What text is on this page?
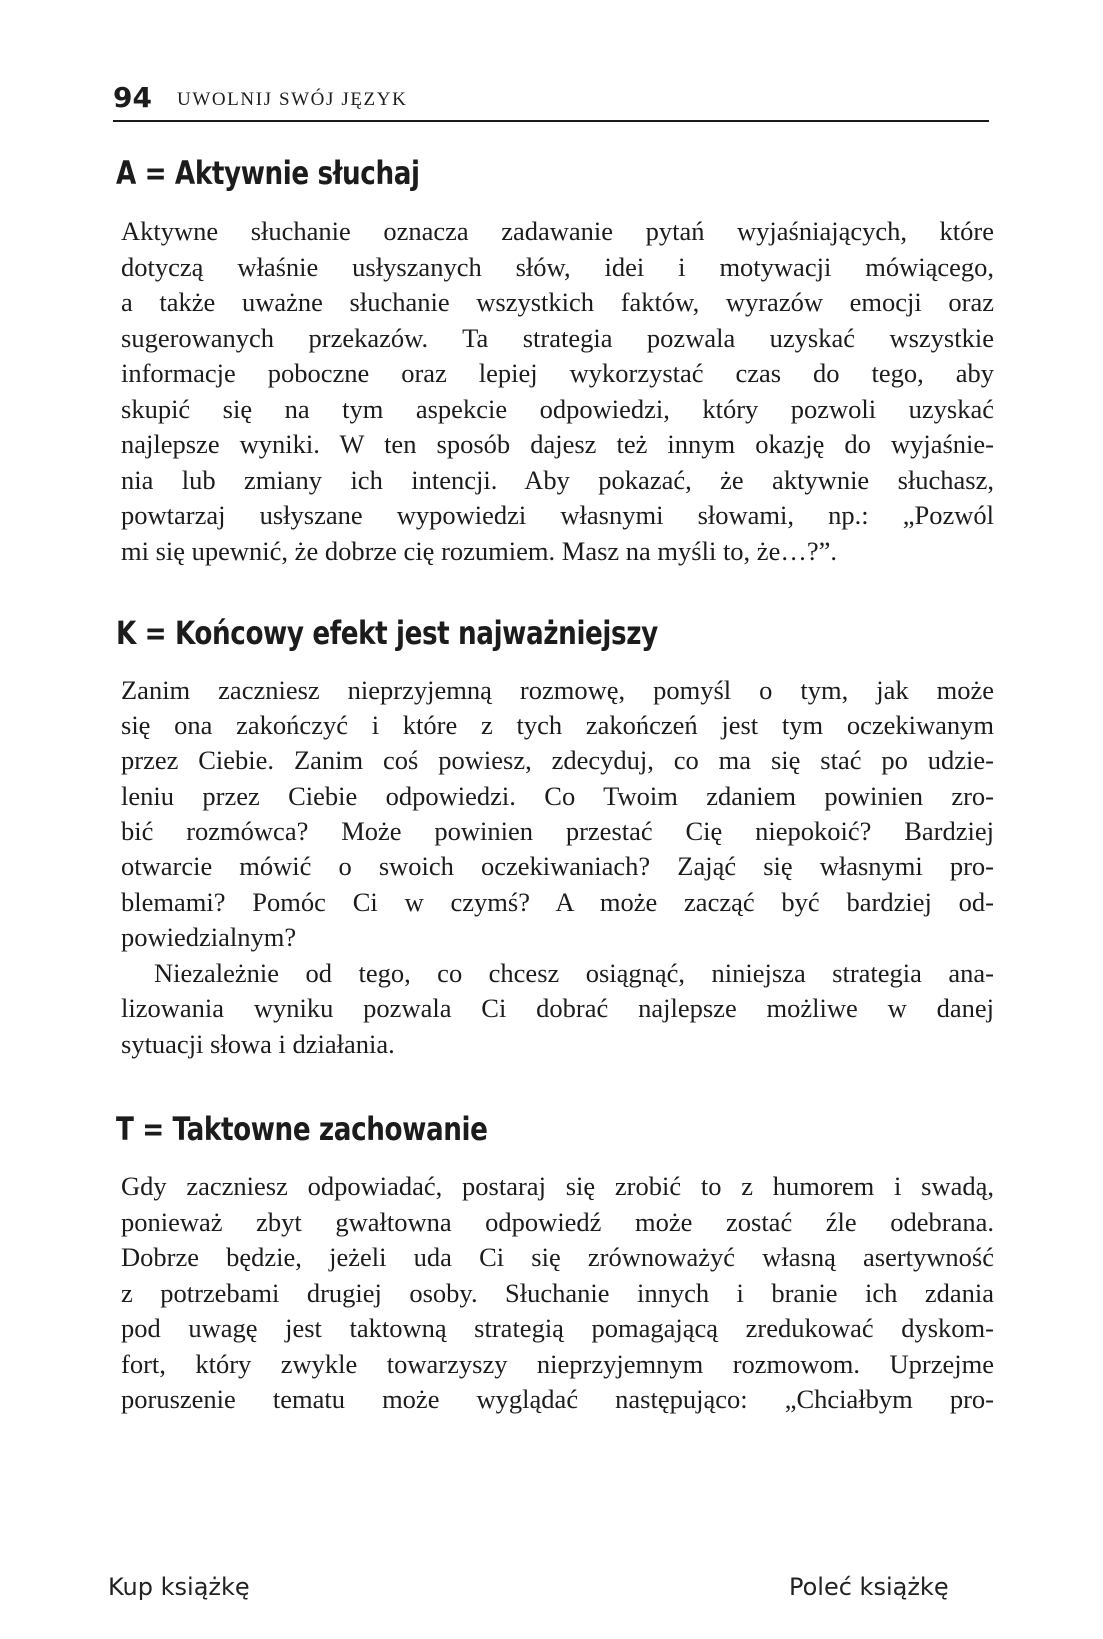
94 UWOLNIJ SWÓJ JĘZYK
A = Aktywnie słuchaj
Aktywne słuchanie oznacza zadawanie pytań wyjaśniających, które
dotyczą właśnie usłyszanych słów, idei i motywacji mówiącego,
a także uważne słuchanie wszystkich faktów, wyrazów emocji oraz
sugerowanych przekazów. Ta strategia pozwala uzyskać wszystkie
informacje poboczne oraz lepiej wykorzystać czas do tego, aby
skupić się na tym aspekcie odpowiedzi, który pozwoli uzyskać
najlepsze wyniki. W ten sposób dajesz też innym okazję do wyjaśnie-
nia lub zmiany ich intencji. Aby pokazać, że aktywnie słuchasz,
powtarzaj usłyszane wypowiedzi własnymi słowami, np.: „Pozwól
mi się upewnić, że dobrze cię rozumiem. Masz na myśli to, że…?”.
K = Końcowy efekt jest najważniejszy
Zanim zaczniesz nieprzyjemną rozmowę, pomyśl o tym, jak może
się ona zakończyć i które z tych zakończeń jest tym oczekiwanym
przez Ciebie. Zanim coś powiesz, zdecyduj, co ma się stać po udzie-
leniu przez Ciebie odpowiedzi. Co Twoim zdaniem powinien zro-
bić rozmówca? Może powinien przestać Cię niepokoić? Bardziej
otwarcie mówić o swoich oczekiwaniach? Zająć się własnymi pro-
blemami? Pomóc Ci w czymś? A może zacząć być bardziej od-
powiedzialnym?
Niezależnie od tego, co chcesz osiągnąć, niniejsza strategia ana-
lizowania wyniku pozwala Ci dobrać najlepsze możliwe w danej
sytuacji słowa i działania.
T = Taktowne zachowanie
Gdy zaczniesz odpowiadać, postaraj się zrobić to z humorem i swadą,
ponieważ zbyt gwałtowna odpowiedź może zostać źle odebrana.
Dobrze będzie, jeżeli uda Ci się zrównoważyć własną asertywność
z potrzebami drugiej osoby. Słuchanie innych i branie ich zdania
pod uwagę jest taktowną strategią pomagającą zredukować dyskom-
fort, który zwykle towarzyszy nieprzyjemnym rozmowom. Uprzejme
poruszenie tematu może wyglądać następująco: „Chciałbym pro-
Kup książkę	Poleć książkę
